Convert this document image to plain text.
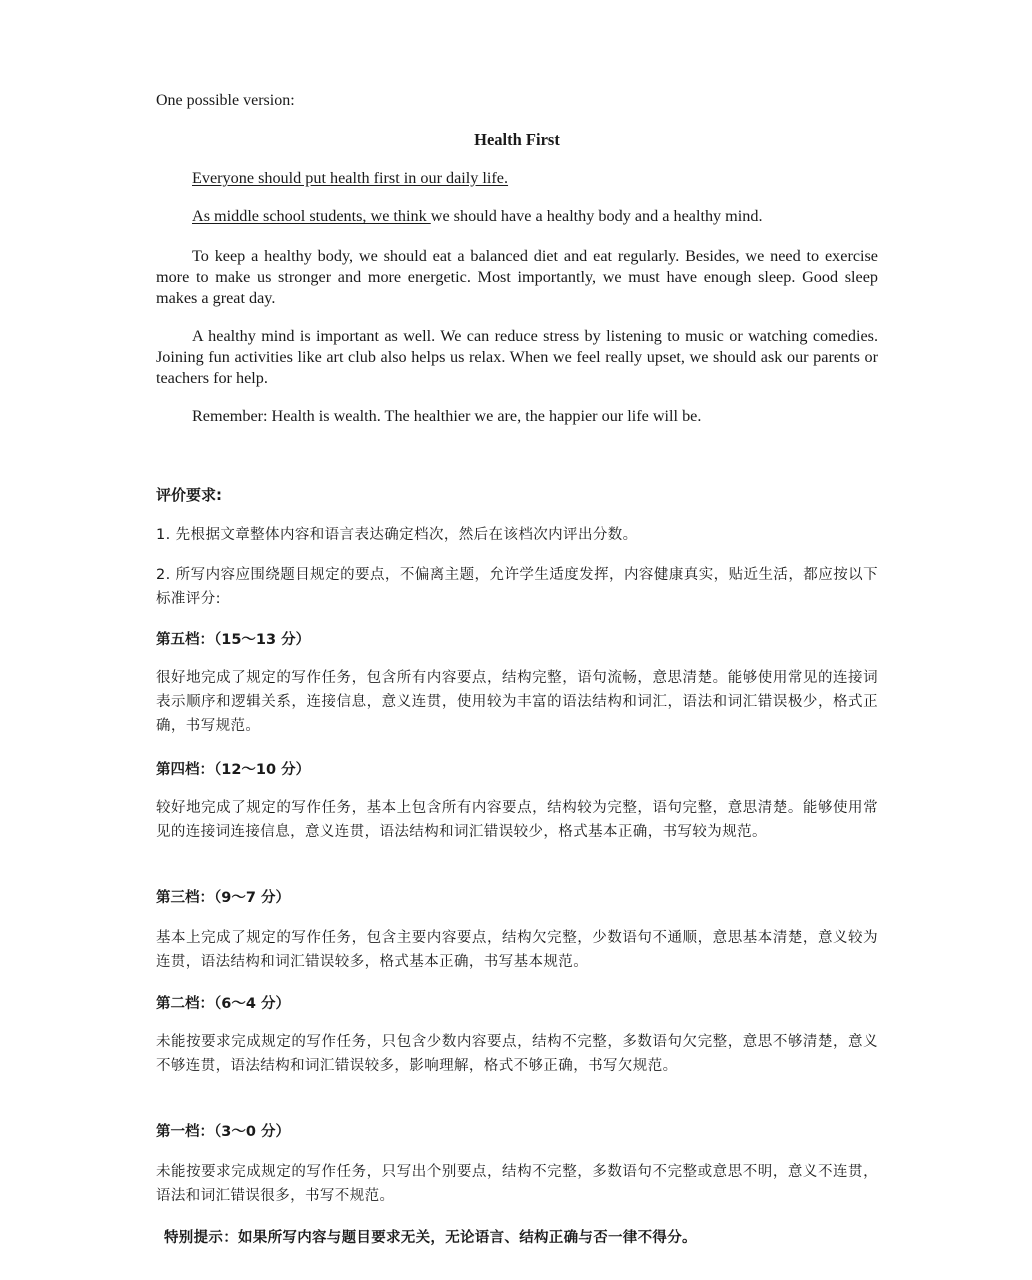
One possible version:
Health First

Everyone should put health first in our daily life.

As middle school students, we think we should have a healthy body and a healthy mind.

To keep a healthy body, we should eat a balanced diet and eat regularly. Besides, we need to exercise more to make us stronger and more energetic. Most importantly, we must have enough sleep. Good sleep makes a great day.

A healthy mind is important as well. We can reduce stress by listening to music or watching comedies. Joining fun activities like art club also helps us relax. When we feel really upset, we should ask our parents or teachers for help.

Remember: Health is wealth. The healthier we are, the happier our life will be.

评价要求:

1. 先根据文章整体内容和语言表达确定档次，然后在该档次内评出分数。

2. 所写内容应围绕题目规定的要点，不偏离主题，允许学生适度发挥，内容健康真实，贴近生活，都应按以下标准评分:

第五档：（15～13 分）

很好地完成了规定的写作任务，包含所有内容要点，结构完整，语句流畅，意思清楚。能够使用常见的连接词表示顺序和逻辑关系，连接信息，意义连贯，使用较为丰富的语法结构和词汇，语法和词汇错误极少，格式正确，书写规范。

第四档：（12～10 分）

较好地完成了规定的写作任务，基本上包含所有内容要点，结构较为完整，语句完整，意思清楚。能够使用常见的连接词连接信息，意义连贯，语法结构和词汇错误较少，格式基本正确，书写较为规范。

第三档：（9～7 分）

基本上完成了规定的写作任务，包含主要内容要点，结构欠完整，少数语句不通顺，意思基本清楚，意义较为连贯，语法结构和词汇错误较多，格式基本正确，书写基本规范。

第二档：（6～4 分）

未能按要求完成规定的写作任务，只包含少数内容要点，结构不完整，多数语句欠完整，意思不够清楚，意义不够连贯，语法结构和词汇错误较多，影响理解，格式不够正确，书写欠规范。

第一档：（3～0 分）

未能按要求完成规定的写作任务，只写出个别要点，结构不完整，多数语句不完整或意思不明，意义不连贯，语法和词汇错误很多，书写不规范。

特别提示：如果所写内容与题目要求无关，无论语言、结构正确与否一律不得分。
